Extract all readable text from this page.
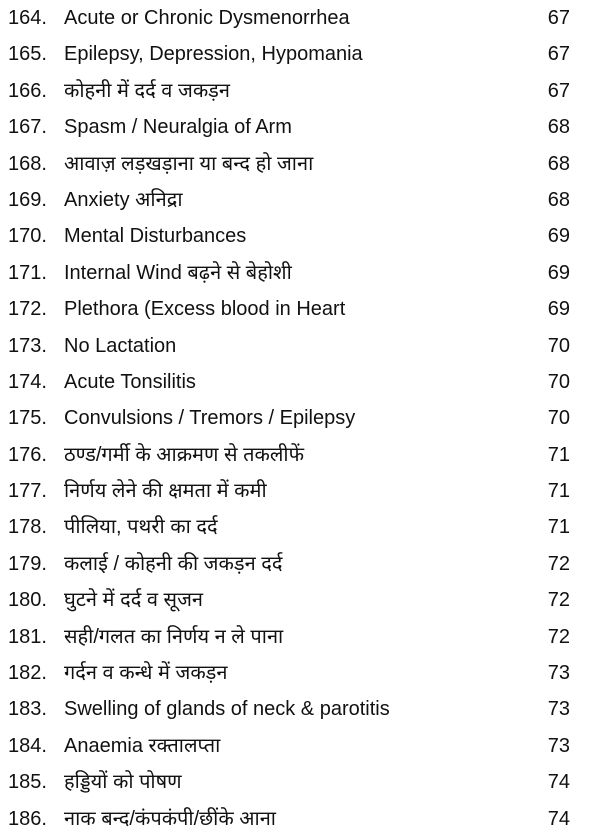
164. Acute or Chronic Dysmenorrhea	67
165. Epilepsy, Depression, Hypomania	67
166. कोहनी में दर्द व जकड़न	67
167. Spasm / Neuralgia of Arm	68
168. आवाज़ लड़खड़ाना या बन्द हो जाना	68
169. Anxiety अनिद्रा	68
170. Mental Disturbances	69
171. Internal Wind बढ़ने से बेहोशी	69
172. Plethora (Excess blood in Heart	69
173. No Lactation	70
174. Acute Tonsilitis	70
175. Convulsions / Tremors / Epilepsy	70
176. ठण्ड/गर्मी के आक्रमण से तकलीफें	71
177. निर्णय लेने की क्षमता में कमी	71
178. पीलिया, पथरी का दर्द	71
179. कलाई / कोहनी की जकड़न दर्द	72
180. घुटने में दर्द व सूजन	72
181. सही/गलत का निर्णय न ले पाना	72
182. गर्दन व कन्धे में जकड़न	73
183. Swelling of glands of neck & parotitis	73
184. Anaemia रक्तालप्ता	73
185. हड्डियों को पोषण	74
186. नाक बन्द/कंपकंपी/छींके आना	74
